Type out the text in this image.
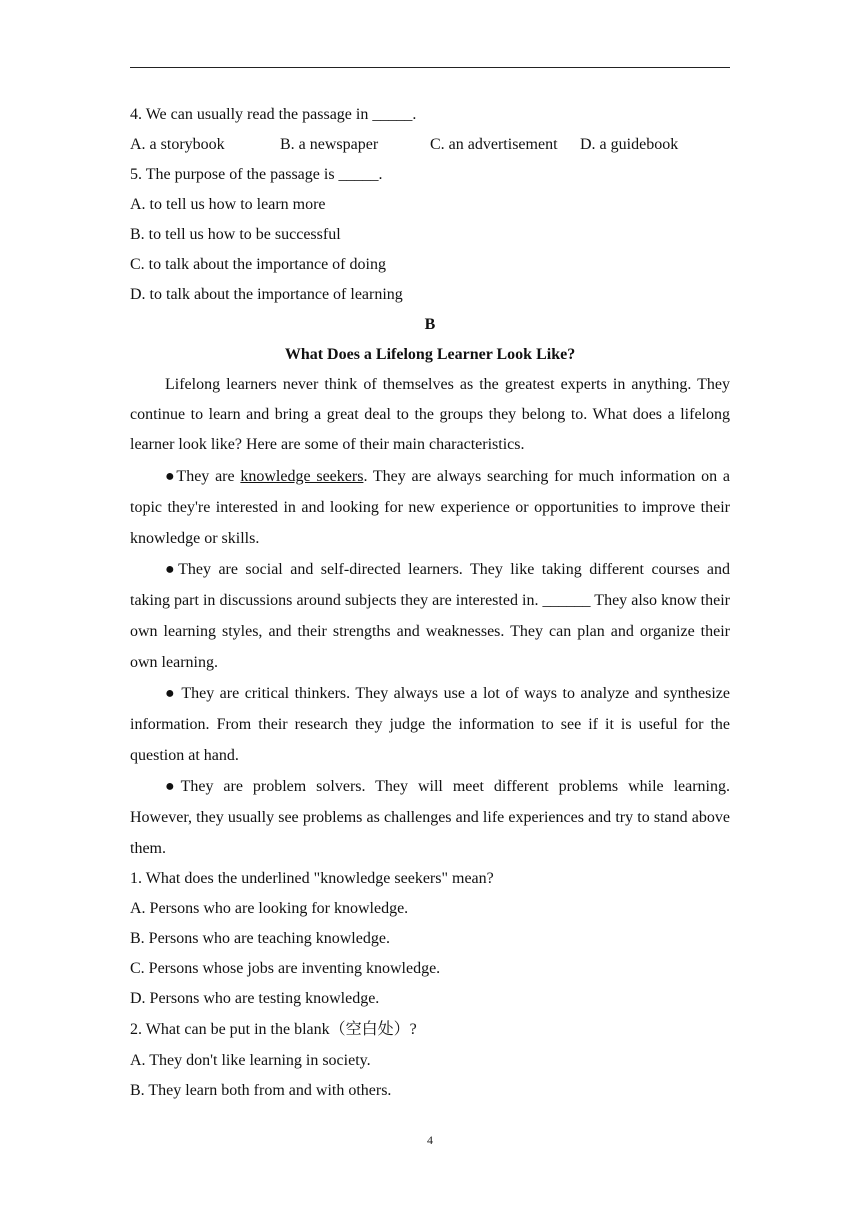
4. We can usually read the passage in _____.
A. a storybook	B. a newspaper	C. an advertisement D. a guidebook
5. The purpose of the passage is _____.
A. to tell us how to learn more
B. to tell us how to be successful
C. to talk about the importance of doing
D. to talk about the importance of learning
B
What Does a Lifelong Learner Look Like?
Lifelong learners never think of themselves as the greatest experts in anything. They continue to learn and bring a great deal to the groups they belong to. What does a lifelong learner look like? Here are some of their main characteristics.
●They are knowledge seekers. They are always searching for much information on a topic they're interested in and looking for new experience or opportunities to improve their knowledge or skills.
●They are social and self-directed learners. They like taking different courses and taking part in discussions around subjects they are interested in. ______ They also know their own learning styles, and their strengths and weaknesses. They can plan and organize their own learning.
● They are critical thinkers. They always use a lot of ways to analyze and synthesize information. From their research they judge the information to see if it is useful for the question at hand.
●They are problem solvers. They will meet different problems while learning. However, they usually see problems as challenges and life experiences and try to stand above them.
1. What does the underlined "knowledge seekers" mean?
A. Persons who are looking for knowledge.
B. Persons who are teaching knowledge.
C. Persons whose jobs are inventing knowledge.
D. Persons who are testing knowledge.
2. What can be put in the blank（空白处）?
A. They don't like learning in society.
B. They learn both from and with others.
4
